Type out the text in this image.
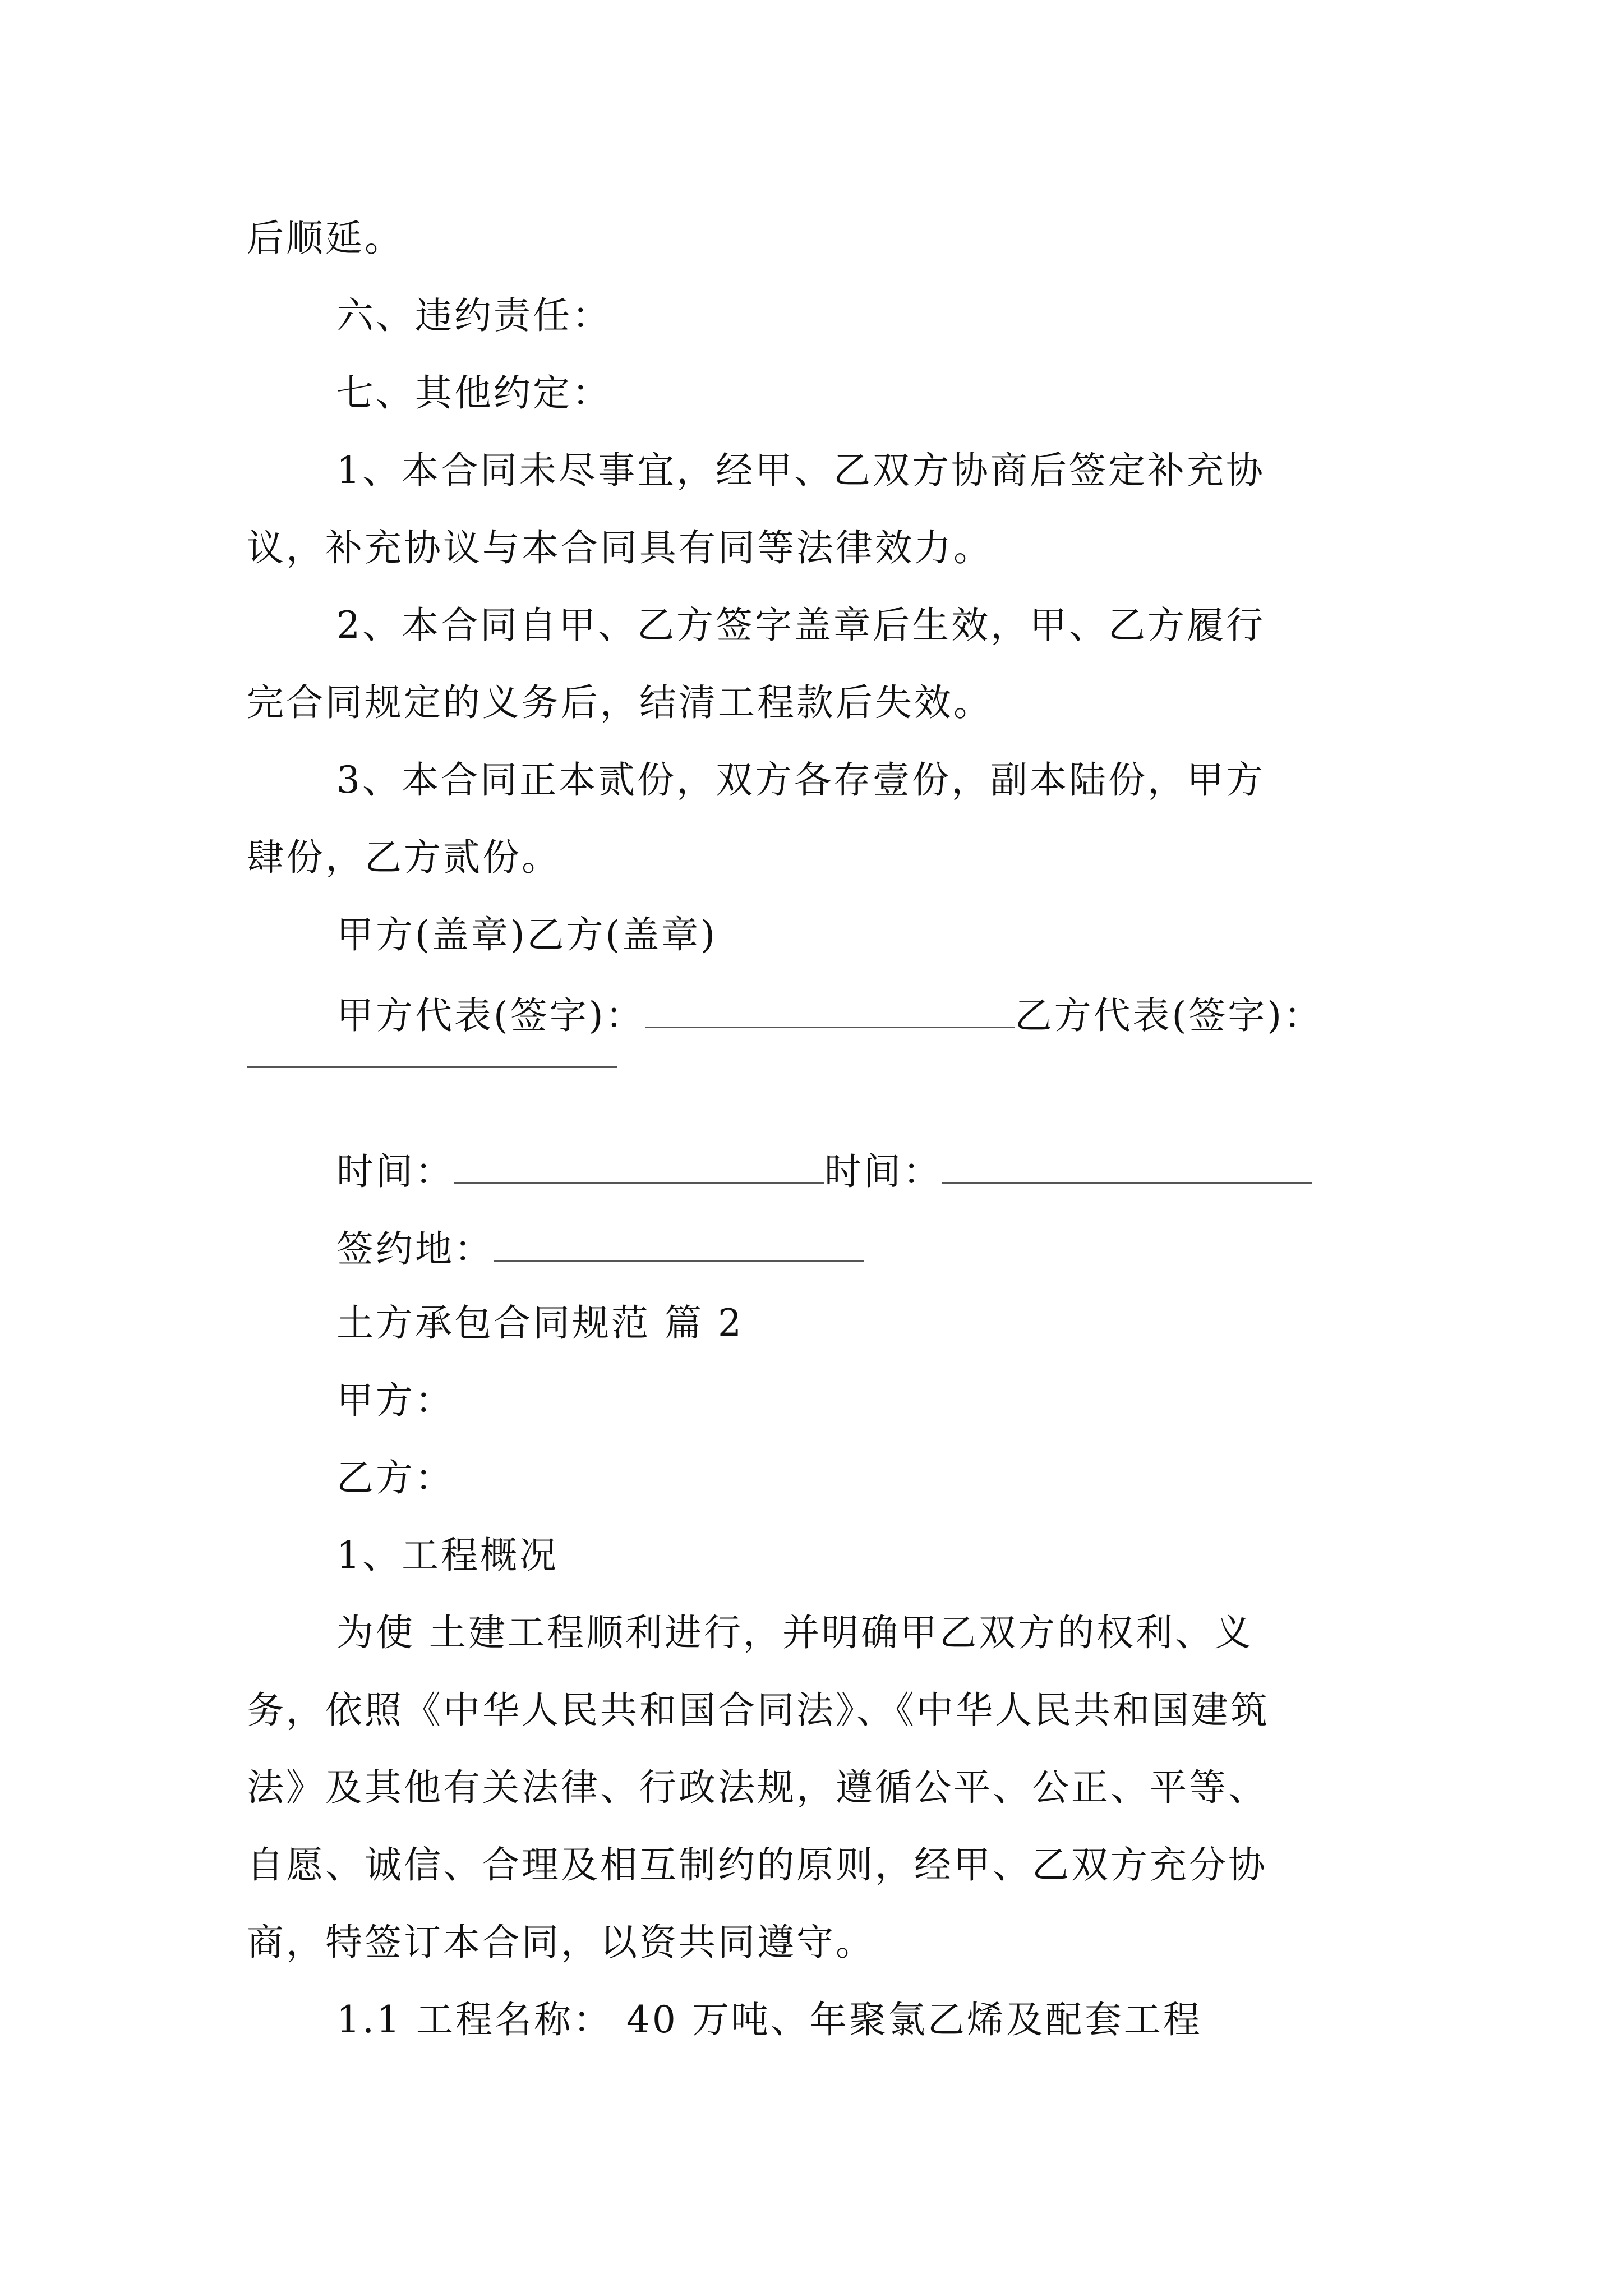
后顺延。
六、违约责任：
七、其他约定：
1、本合同未尽事宜，经甲、乙双方协商后签定补充协
议，补充协议与本合同具有同等法律效力。
2、本合同自甲、乙方签字盖章后生效，甲、乙方履行
完合同规定的义务后，结清工程款后失效。
3、本合同正本贰份，双方各存壹份，副本陆份，甲方
肆份，乙方贰份。
甲方(盖章)乙方(盖章)
甲方代表(签字)：	乙方代表(签字)：
时间：	时间：
签约地：
土方承包合同规范 篇 2
甲方：
乙方：
1、工程概况
为使 土建工程顺利进行，并明确甲乙双方的权利、义
务，依照《中华人民共和国合同法》、《中华人民共和国建筑
法》及其他有关法律、行政法规，遵循公平、公正、平等、
自愿、诚信、合理及相互制约的原则，经甲、乙双方充分协
商，特签订本合同，以资共同遵守。
1.1 工程名称： 40 万吨、年聚氯乙烯及配套工程
